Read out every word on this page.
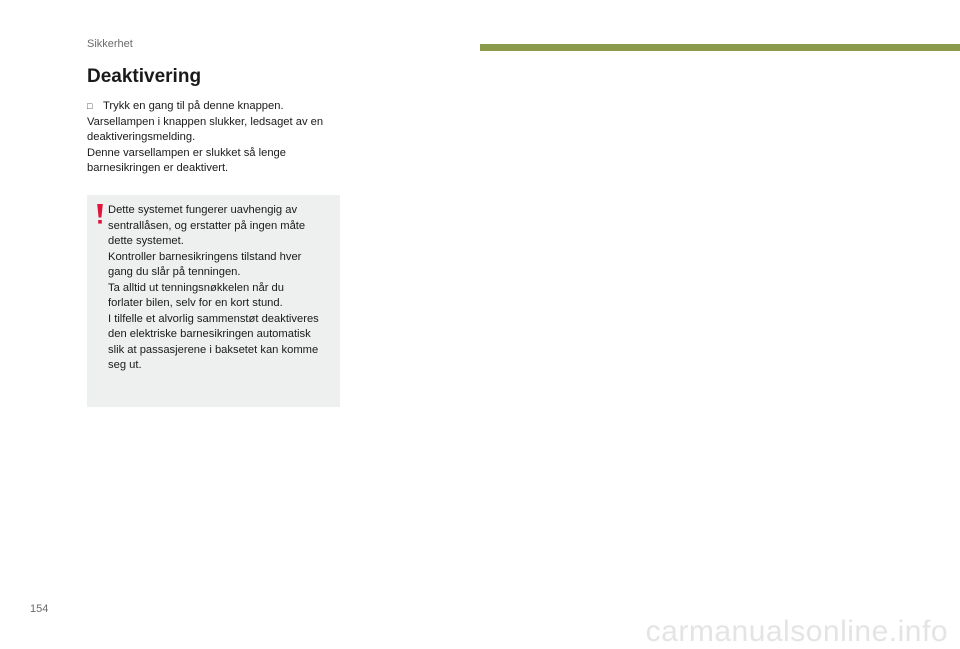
Sikkerhet
Deaktivering
□ Trykk en gang til på denne knappen.
Varsellampen i knappen slukker, ledsaget av en
deaktiveringsmelding.
Denne varsellampen er slukket så lenge
barnesikringen er deaktivert.
Dette systemet fungerer uavhengig av
sentrallåsen, og erstatter på ingen måte
dette systemet.
Kontroller barnesikringens tilstand hver
gang du slår på tenningen.
Ta alltid ut tenningsnøkkelen når du
forlater bilen, selv for en kort stund.
I tilfelle et alvorlig sammenstøt deaktiveres
den elektriske barnesikringen automatisk
slik at passasjerene i baksetet kan komme
seg ut.
154
carmanualsonline.info
